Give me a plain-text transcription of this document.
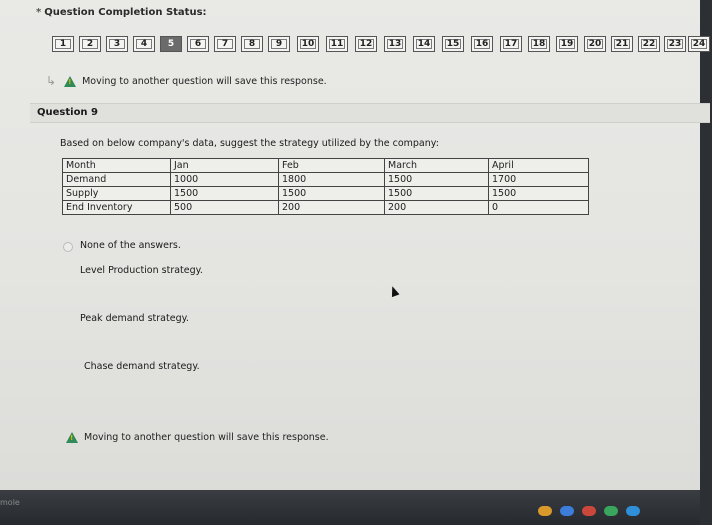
* Question Completion Status:
1	2	3	4	5	6	7	8	9	10	11	12	13	14	15	16	17	18	19	20	21	22	23	24
↳ !	Moving to another question will save this response.
Question 9
Based on below company's data, suggest the strategy utilized by the company:
Month	Jan	Feb	March	April
Demand	1000	1800	1500	1700
Supply	1500	1500	1500	1500
End Inventory	500	200	200	0
None of the answers.
Level Production strategy.
Peak demand strategy.
Chase demand strategy.
!
Moving to another question will save this response.
mole
